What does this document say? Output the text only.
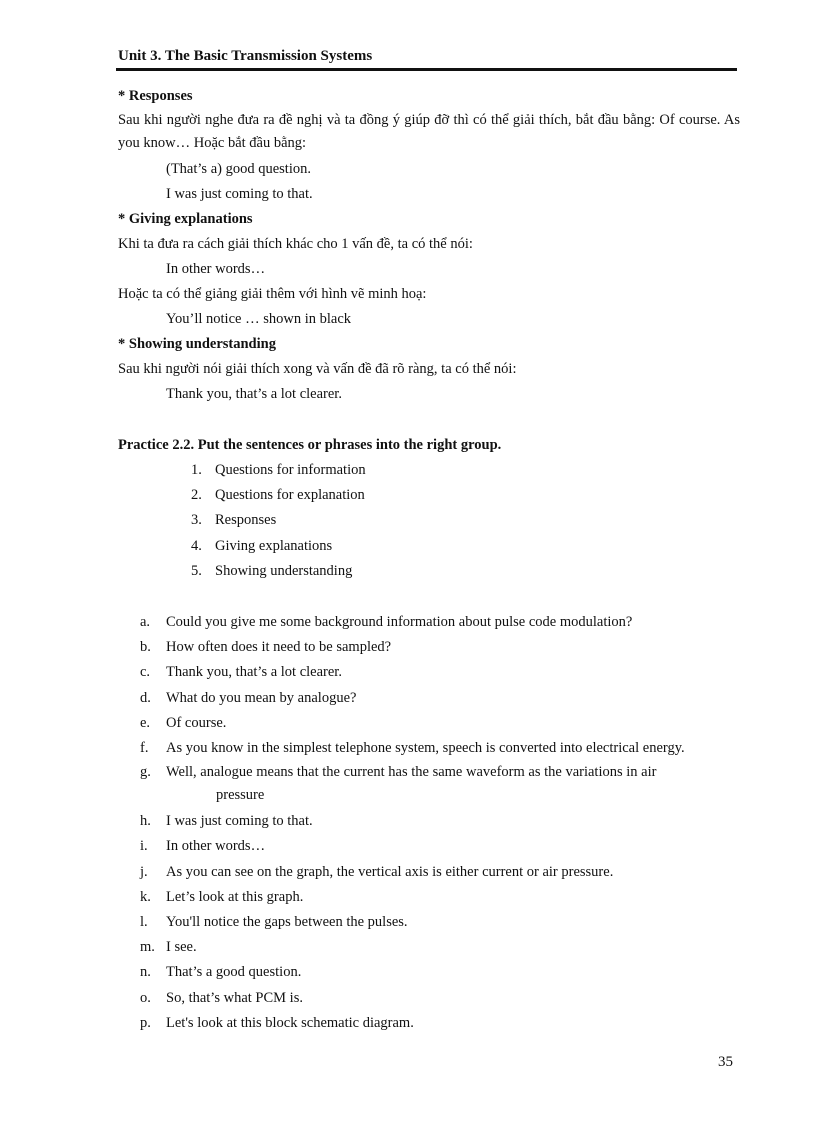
Unit 3. The Basic Transmission Systems
* Responses
Sau khi người nghe đưa ra đề nghị và ta đồng ý giúp đỡ thì có thể giải thích, bắt đầu bằng: Of course. As you know… Hoặc bắt đầu bằng:
(That’s a) good question.
I was just coming to that.
* Giving explanations
Khi ta đưa ra cách giải thích khác cho 1 vấn đề, ta có thể nói:
In other words…
Hoặc ta có thể giảng giải thêm với hình vẽ minh hoạ:
You’ll notice … shown in black
* Showing understanding
Sau khi người nói giải thích xong và vấn đề đã rõ ràng, ta có thể nói:
Thank you, that’s a lot clearer.
Practice 2.2. Put the sentences or phrases into the right group.
1. Questions for information
2. Questions for explanation
3. Responses
4. Giving explanations
5. Showing understanding
a. Could you give me some background information about pulse code modulation?
b. How often does it need to be sampled?
c. Thank you, that’s a lot clearer.
d. What do you mean by analogue?
e. Of course.
f. As you know in the simplest telephone system, speech is converted into electrical energy.
g. Well, analogue means that the current has the same waveform as the variations in air
pressure
h. I was just coming to that.
i. In other words…
j. As you can see on the graph, the vertical axis is either current or air pressure.
k. Let’s look at this graph.
l. You'll notice the gaps between the pulses.
m. I see.
n. That’s a good question.
o. So, that’s what PCM is.
p. Let's look at this block schematic diagram.
35
